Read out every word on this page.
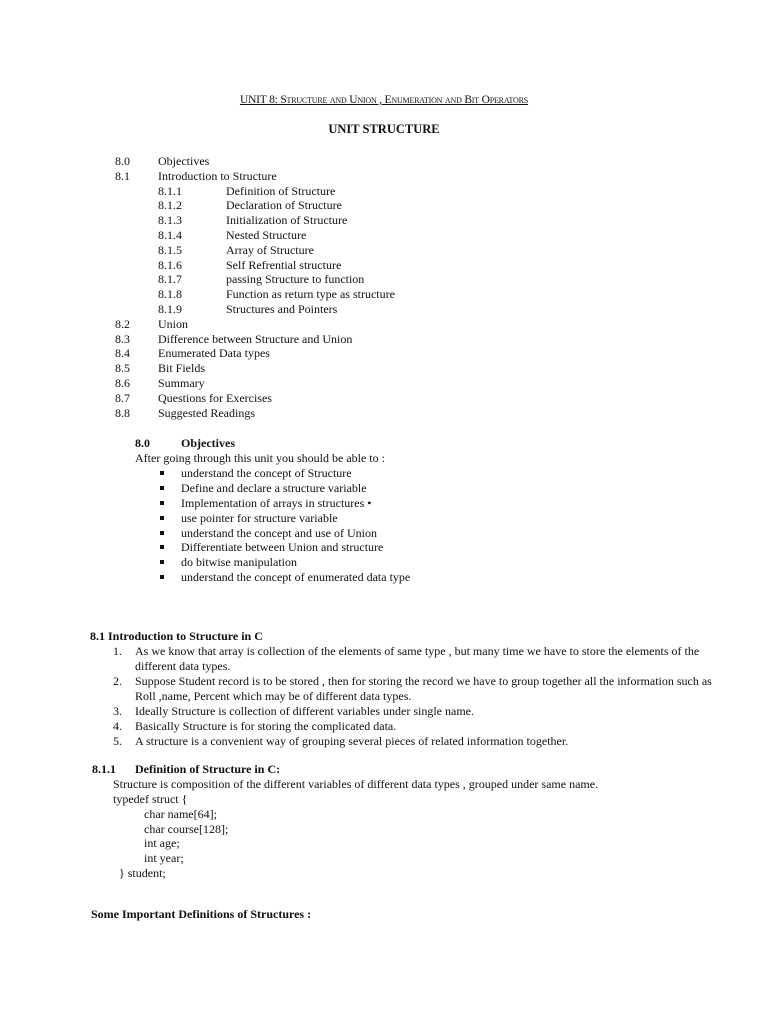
UNIT 8: Structure and Union , Enumeration and Bit Operators
UNIT STRUCTURE
8.0 Objectives
8.1 Introduction to Structure
8.1.1	Definition of Structure
8.1.2	Declaration of Structure
8.1.3	Initialization of Structure
8.1.4	Nested Structure
8.1.5	Array of Structure
8.1.6	Self Refrential structure
8.1.7	passing Structure to function
8.1.8	Function as return type as structure
8.1.9	Structures and Pointers
8.2 Union
8.3 Difference between Structure and Union
8.4 Enumerated Data types
8.5 Bit Fields
8.6 Summary
8.7 Questions for Exercises
8.8 Suggested Readings
8.0	Objectives
After going through this unit you should be able to :
understand the concept of Structure
Define and declare a structure variable
Implementation of arrays in structures •
use pointer for structure variable
understand the concept and use of Union
Differentiate between Union and structure
do bitwise manipulation
understand the concept of enumerated data type
8.1 Introduction to Structure in C
1. As we know that array is collection of the elements of same type , but many time we have to store the elements of the different data types.
2. Suppose Student record is to be stored , then for storing the record we have to group together all the information such as Roll ,name, Percent which may be of different data types.
3. Ideally Structure is collection of different variables under single name.
4. Basically Structure is for storing the complicated data.
5. A structure is a convenient way of grouping several pieces of related information together.
8.1.1 Definition of Structure in C:
Structure is composition of the different variables of different data types , grouped under same name.
typedef struct {
char name[64];
char course[128];
int age;
int year;
} student;
Some Important Definitions of Structures :
